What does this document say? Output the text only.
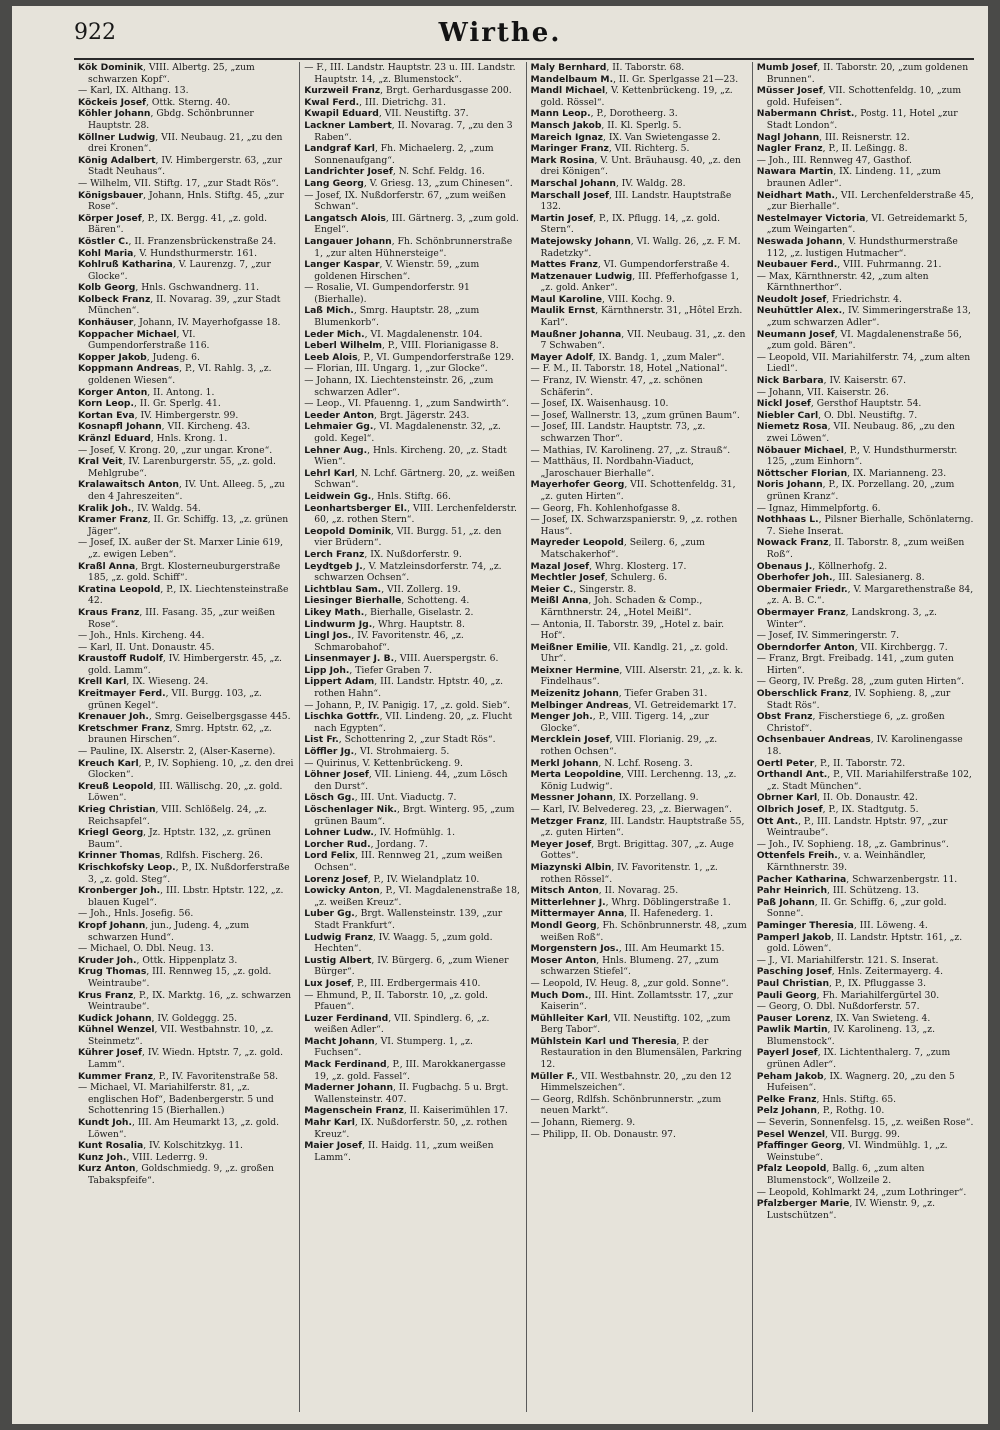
922	Wirthe.
Kök Dominik, VIII. Albertg. 25, „zum schwarzen Kopf“.
— Karl, IX. Althang. 13.
Köckeis Josef, Ottk. Sterng. 40.
Köhler Johann, Gbdg. Schönbrunner Hauptstr. 28.
Köllner Ludwig, VII. Neubaug. 21, „zu den drei Kronen“.
König Adalbert, IV. Himbergerstr. 63, „zur Stadt Neuhaus“.
— Wilhelm, VII. Stiftg. 17, „zur Stadt Rös“.
Königsbauer, Johann, Hnls. Stiftg. 45, „zur Rose“.
Körper Josef, P., IX. Bergg. 41, „z. gold. Bären“.
Köstler C., II. Franzensbrückenstraße 24.
Kohl Maria, V. Hundsthurmerstr. 161.
Kohlruß Katharina, V. Laurenzg. 7, „zur Glocke“.
Kolb Georg, Hnls. Gschwandnerg. 11.
Kolbeck Franz, II. Novarag. 39, „zur Stadt München“.
Konhäuser, Johann, IV. Mayerhofgasse 18.
Koppacher Michael, VI. Gumpendorferstraße 116.
Kopper Jakob, Judeng. 6.
Koppmann Andreas, P., VI. Rahlg. 3, „z. goldenen Wiesen“.
Korger Anton, II. Antong. 1.
Korn Leop., II. Gr. Sperlg. 41.
Kortan Eva, IV. Himbergerstr. 99.
Kosnapfl Johann, VII. Kircheng. 43.
Kränzl Eduard, Hnls. Krong. 1.
— Josef, V. Krong. 20, „zur ungar. Krone“.
Kral Veit, IV. Larenburgerstr. 55, „z. gold. Mehlgrube“.
Kralawaitsch Anton, IV. Unt. Alleeg. 5, „zu den 4 Jahreszeiten“.
Kralik Joh., IV. Waldg. 54.
Kramer Franz, II. Gr. Schiffg. 13, „z. grünen Jäger“.
— Josef, IX. außer der St. Marxer Linie 619, „z. ewigen Leben“.
Kraßl Anna, Brgt. Klosterneuburgerstraße 185, „z. gold. Schiff“.
Kratina Leopold, P., IX. Liechtensteinstraße 42.
Kraus Franz, III. Fasang. 35, „zur weißen Rose“.
— Joh., Hnls. Kircheng. 44.
— Karl, II. Unt. Donaustr. 45.
Kraustoff Rudolf, IV. Himbergerstr. 45, „z. gold. Lamm“.
Krell Karl, IX. Wieseng. 24.
Kreitmayer Ferd., VII. Burgg. 103, „z. grünen Kegel“.
Krenauer Joh., Smrg. Geiselbergsgasse 445.
Kretschmer Franz, Smrg. Hptstr. 62, „z. braunen Hirschen“.
— Pauline, IX. Alserstr. 2, (Alser-Kaserne).
Kreuch Karl, P., IV. Sophieng. 10, „z. den drei Glocken“.
Kreuß Leopold, III. Wällischg. 20, „z. gold. Löwen“.
Krieg Christian, VIII. Schlößelg. 24, „z. Reichsapfel“.
Kriegl Georg, Jz. Hptstr. 132, „z. grünen Baum“.
Krinner Thomas, Rdlfsh. Fischerg. 26.
Krischkofsky Leop., P., IX. Nußdorferstraße 3, „z. gold. Steg“.
Kronberger Joh., III. Lbstr. Hptstr. 122, „z. blauen Kugel“.
— Joh., Hnls. Josefig. 56.
Kropf Johann, jun., Judeng. 4, „zum schwarzen Hund“.
— Michael, O. Dbl. Neug. 13.
Kruder Joh., Ottk. Hippenplatz 3.
Krug Thomas, III. Rennweg 15, „z. gold. Weintraube“.
Krus Franz, P., IX. Marktg. 16, „z. schwarzen Weintraube“.
Kudick Johann, IV. Goldeggg. 25.
Kühnel Wenzel, VII. Westbahnstr. 10, „z. Steinmetz“.
Kührer Josef, IV. Wiedn. Hptstr. 7, „z. gold. Lamm“.
Kummer Franz, P., IV. Favoritenstraße 58.
— Michael, VI. Mariahilferstr. 81, „z. englischen Hof“, Badenbergerstr. 5 und Schottenring 15 (Bierhallen.)
Kundt Joh., III. Am Heumarkt 13, „z. gold. Löwen“.
Kunt Rosalia, IV. Kolschitzkyg. 11.
Kunz Joh., VIII. Lederrg. 9.
Kurz Anton, Goldschmiedg. 9, „z. großen Tabakspfeife“.
— F., III. Landstr. Hauptstr. 23 u. III. Landstr. Hauptstr. 14, „z. Blumenstock“.
Kurzweil Franz, Brgt. Gerhardusgasse 200.
Kwal Ferd., III. Dietrichg. 31.
Kwapil Eduard, VII. Neustiftg. 37.
Lackner Lambert, II. Novarag. 7, „zu den 3 Raben“.
Landgraf Karl, Fh. Michaelerg. 2, „zum Sonnenaufgang“.
Landrichter Josef, N. Schf. Feldg. 16.
Lang Georg, V. Griesg. 13, „zum Chinesen“.
— Josef, IX. Nußdorferstr. 67, „zum weißen Schwan“.
Langatsch Alois, III. Gärtnerg. 3, „zum gold. Engel“.
Langauer Johann, Fh. Schönbrunnerstraße 1, „zur alten Hühnersteige“.
Langer Kaspar, V. Wienstr. 59, „zum goldenen Hirschen“.
— Rosalie, VI. Gumpendorferstr. 91 (Bierhalle).
Laß Mich., Smrg. Hauptstr. 28, „zum Blumenkorb“.
Leder Mich., VI. Magdalenenstr. 104.
Leberl Wilhelm, P., VIII. Florianigasse 8.
Leeb Alois, P., VI. Gumpendorferstraße 129.
— Florian, III. Ungarg. 1, „zur Glocke“.
— Johann, IX. Liechtensteinstr. 26, „zum schwarzen Adler“.
— Leop., VI. Pfauenng. 1, „zum Sandwirth“.
Leeder Anton, Brgt. Jägerstr. 243.
Lehmaier Gg., VI. Magdalenenstr. 32, „z. gold. Kegel“.
Lehner Aug., Hnls. Kircheng. 20, „z. Stadt Wien“.
Lehrl Karl, N. Lchf. Gärtnerg. 20, „z. weißen Schwan“.
Leidwein Gg., Hnls. Stiftg. 66.
Leonhartsberger El., VIII. Lerchenfelderstr. 60, „z. rothen Stern“.
Leopold Dominik, VII. Burgg. 51, „z. den vier Brüdern“.
Lerch Franz, IX. Nußdorferstr. 9.
Leydtgeb J., V. Matzleinsdorferstr. 74, „z. schwarzen Ochsen“.
Lichtblau Sam., VII. Zollerg. 19.
Liesinger Bierhalle, Schotteng. 4.
Likey Math., Bierhalle, Giselastr. 2.
Lindwurm Jg., Whrg. Hauptstr. 8.
Lingl Jos., IV. Favoritenstr. 46, „z. Schmarobahof“.
Linsenmayer J. B., VIII. Auerspergstr. 6.
Lipp Joh., Tiefer Graben 7.
Lippert Adam, III. Landstr. Hptstr. 40, „z. rothen Hahn“.
— Johann, P., IV. Panigig. 17, „z. gold. Sieb“.
Lischka Gottfr., VII. Lindeng. 20, „z. Flucht nach Egypten“.
List Fr., Schottenring 2, „zur Stadt Rös“.
Löffler Jg., VI. Strohmaierg. 5.
— Quirinus, V. Kettenbrückeng. 9.
Löhner Josef, VII. Linieng. 44, „zum Lösch den Durst“.
Lösch Gg., III. Unt. Viaductg. 7.
Löschenlager Nik., Brgt. Winterg. 95, „zum grünen Baum“.
Lohner Ludw., IV. Hofmühlg. 1.
Lorcher Rud., Jordang. 7.
Lord Felix, III. Rennweg 21, „zum weißen Ochsen“.
Lorenz Josef, P., IV. Wielandplatz 10.
Lowicky Anton, P., VI. Magdalenenstraße 18, „z. weißen Kreuz“.
Luber Gg., Brgt. Wallensteinstr. 139, „zur Stadt Frankfurt“.
Ludwig Franz, IV. Waagg. 5, „zum gold. Hechten“.
Lustig Albert, IV. Bürgerg. 6, „zum Wiener Bürger“.
Lux Josef, P., III. Erdbergermais 410.
— Ehmund, P., II. Taborstr. 10, „z. gold. Pfauen“.
Luzer Ferdinand, VII. Spindlerg. 6, „z. weißen Adler“.
Macht Johann, VI. Stumperg. 1, „z. Fuchsen“.
Mack Ferdinand, P., III. Marokkanergasse 19, „z. gold. Fassel“.
Maderner Johann, II. Fugbachg. 5 u. Brgt. Wallensteinstr. 407.
Magenschein Franz, II. Kaiserimühlen 17.
Mahr Karl, IX. Nußdorferstr. 50, „z. rothen Kreuz“.
Maier Josef, II. Haidg. 11, „zum weißen Lamm“.
Maly Bernhard, II. Taborstr. 68.
Mandelbaum M., II. Gr. Sperlgasse 21—23.
Mandl Michael, V. Kettenbrückeng. 19, „z. gold. Rössel“.
Mann Leop., P., Dorotheerg. 3.
Mansch Jakob, II. Kl. Sperlg. 5.
Mareich Ignaz, IX. Van Swietengasse 2.
Maringer Franz, VII. Richterg. 5.
Mark Rosina, V. Unt. Bräuhausg. 40, „z. den drei Königen“.
Marschal Johann, IV. Waldg. 28.
Marschall Josef, III. Landstr. Hauptstraße 132.
Martin Josef, P., IX. Pflugg. 14, „z. gold. Stern“.
Matejowsky Johann, VI. Wallg. 26, „z. F. M. Radetzky“.
Mattes Franz, VI. Gumpendorferstraße 4.
Matzenauer Ludwig, III. Pfefferhofgasse 1, „z. gold. Anker“.
Maul Karoline, VIII. Kochg. 9.
Maulik Ernst, Kärnthnerstr. 31, „Hôtel Erzh. Karl“.
Maußner Johanna, VII. Neubaug. 31, „z. den 7 Schwaben“.
Mayer Adolf, IX. Bandg. 1, „zum Maler“.
— F. M., II. Taborstr. 18, Hotel „National“.
— Franz, IV. Wienstr. 47, „z. schönen Schäferin“.
— Josef, IX. Waisenhausg. 10.
— Josef, Wallnerstr. 13, „zum grünen Baum“.
— Josef, III. Landstr. Hauptstr. 73, „z. schwarzen Thor“.
— Mathias, IV. Karolineng. 27, „z. Strauß“.
— Matthäus, II. Nordbahn-Viaduct, „Jaroschauer Bierhalle“.
Mayerhofer Georg, VII. Schottenfeldg. 31, „z. guten Hirten“.
— Georg, Fh. Kohlenhofgasse 8.
— Josef, IX. Schwarzspanierstr. 9, „z. rothen Haus“.
Mayreder Leopold, Seilerg. 6, „zum Matschakerhof“.
Mazal Josef, Whrg. Klosterg. 17.
Mechtler Josef, Schulerg. 6.
Meier C., Singerstr. 8.
Meißl Anna, Joh. Schaden & Comp., Kärnthnerstr. 24, „Hotel Meißl“.
— Antonia, II. Taborstr. 39, „Hotel z. bair. Hof“.
Meißner Emilie, VII. Kandlg. 21, „z. gold. Uhr“.
Meixner Hermine, VIII. Alserstr. 21, „z. k. k. Findelhaus“.
Meizenitz Johann, Tiefer Graben 31.
Melbinger Andreas, VI. Getreidemarkt 17.
Menger Joh., P., VIII. Tigerg. 14, „zur Glocke“.
Mercklein Josef, VIII. Florianig. 29, „z. rothen Ochsen“.
Merkl Johann, N. Lchf. Roseng. 3.
Merta Leopoldine, VIII. Lerchenng. 13, „z. König Ludwig“.
Messner Johann, IX. Porzellang. 9.
— Karl, IV. Belvedereg. 23, „z. Bierwagen“.
Metzger Franz, III. Landstr. Hauptstraße 55, „z. guten Hirten“.
Meyer Josef, Brgt. Brigittag. 307, „z. Auge Gottes“.
Miazynski Albin, IV. Favoritenstr. 1, „z. rothen Rössel“.
Mitsch Anton, II. Novarag. 25.
Mitterlehner J., Whrg. Döblingerstraße 1.
Mittermayer Anna, II. Hafenederg. 1.
Mondl Georg, Fh. Schönbrunnerstr. 48, „zum weißen Roß“.
Morgenstern Jos., III. Am Heumarkt 15.
Moser Anton, Hnls. Blumeng. 27, „zum schwarzen Stiefel“.
— Leopold, IV. Heug. 8, „zur gold. Sonne“.
Much Dom., III. Hint. Zollamtsstr. 17, „zur Kaiserin“.
Mühlleiter Karl, VII. Neustiftg. 102, „zum Berg Tabor“.
Mühlstein Karl und Theresia, P. der Restauration in den Blumensälen, Parkring 12.
Müller F., VII. Westbahnstr. 20, „zu den 12 Himmelszeichen“.
— Georg, Rdlfsh. Schönbrunnerstr. „zum neuen Markt“.
— Johann, Riemerg. 9.
— Philipp, II. Ob. Donaustr. 97.
Mumb Josef, II. Taborstr. 20, „zum goldenen Brunnen“.
Müsser Josef, VII. Schottenfeldg. 10, „zum gold. Hufeisen“.
Nabermann Christ., Postg. 11, Hotel „zur Stadt London“.
Nagl Johann, III. Reisnerstr. 12.
Nagler Franz, P., II. Leßingg. 8.
— Joh., III. Rennweg 47, Gasthof.
Nawara Martin, IX. Lindeng. 11, „zum braunen Adler“.
Neidhart Math., VII. Lerchenfelderstraße 45, „zur Bierhalle“.
Nestelmayer Victoria, VI. Getreidemarkt 5, „zum Weingarten“.
Neswada Johann, V. Hundsthurmerstraße 112, „z. lustigen Hutmacher“.
Neubauer Ferd., VIII. Fuhrmanng. 21.
— Max, Kärnthnerstr. 42, „zum alten Kärnthnerthor“.
Neudolt Josef, Friedrichstr. 4.
Neuhüttler Alex., IV. Simmeringerstraße 13, „zum schwarzen Adler“.
Neumann Josef, VI. Magdalenenstraße 56, „zum gold. Bären“.
— Leopold, VII. Mariahilferstr. 74, „zum alten Liedl“.
Nick Barbara, IV. Kaiserstr. 67.
— Johann, VII. Kaiserstr. 26.
Nickl Josef, Gersthof Hauptstr. 54.
Niebler Carl, O. Dbl. Neustiftg. 7.
Niemetz Rosa, VII. Neubaug. 86, „zu den zwei Löwen“.
Nöbauer Michael, P., V. Hundsthurmerstr. 125, „zum Einhorn“.
Nöttscher Florian, IX. Marianneng. 23.
Noris Johann, P., IX. Porzellang. 20, „zum grünen Kranz“.
— Ignaz, Himmelpfortg. 6.
Nothhaas L., Pilsner Bierhalle, Schönlaterng. 7. Siehe Inserat.
Nowack Franz, II. Taborstr. 8, „zum weißen Roß“.
Obenaus J., Köllnerhofg. 2.
Oberhofer Joh., III. Salesianerg. 8.
Obermaier Friedr., V. Margarethenstraße 84, „z. A. B. C.“.
Obermayer Franz, Landskrong. 3, „z. Winter“.
— Josef, IV. Simmeringerstr. 7.
Oberndorfer Anton, VII. Kirchbergg. 7.
— Franz, Brgt. Freibadg. 141, „zum guten Hirten“.
— Georg, IV. Preßg. 28, „zum guten Hirten“.
Oberschlick Franz, IV. Sophieng. 8, „zur Stadt Rös“.
Obst Franz, Fischerstiege 6, „z. großen Christof“.
Ochsenbauer Andreas, IV. Karolinengasse 18.
Oertl Peter, P., II. Taborstr. 72.
Orthandl Ant., P., VII. Mariahilferstraße 102, „z. Stadt München“.
Obrner Karl, II. Ob. Donaustr. 42.
Olbrich Josef, P., IX. Stadtgutg. 5.
Ott Ant., P., III. Landstr. Hptstr. 97, „zur Weintraube“.
— Joh., IV. Sophieng. 18, „z. Gambrinus“.
Ottenfels Freih., v. a. Weinhändler, Kärnthnerstr. 39.
Pacher Katharina, Schwarzenbergstr. 11.
Pahr Heinrich, III. Schützeng. 13.
Paß Johann, II. Gr. Schiffg. 6, „zur gold. Sonne“.
Paminger Theresia, III. Löweng. 4.
Pamperl Jakob, II. Landstr. Hptstr. 161, „z. gold. Löwen“.
— J., VI. Mariahilferstr. 121. S. Inserat.
Pasching Josef, Hnls. Zeitermayerg. 4.
Paul Christian, P., IX. Pfluggasse 3.
Pauli Georg, Fh. Mariahilfergürtel 30.
— Georg, O. Dbl. Nußdorferstr. 57.
Pauser Lorenz, IX. Van Swieteng. 4.
Pawlik Martin, IV. Karolineng. 13, „z. Blumenstock“.
Payerl Josef, IX. Lichtenthalerg. 7, „zum grünen Adler“.
Peham Jakob, IX. Wagnerg. 20, „zu den 5 Hufeisen“.
Pelke Franz, Hnls. Stiftg. 65.
Pelz Johann, P., Rothg. 10.
— Severin, Sonnenfelsg. 15, „z. weißen Rose“.
Pesel Wenzel, VII. Burgg. 99.
Pfaffinger Georg, VI. Windmühlg. 1, „z. Weinstube“.
Pfalz Leopold, Ballg. 6, „zum alten Blumenstock“, Wollzeile 2.
— Leopold, Kohlmarkt 24, „zum Lothringer“.
Pfalzberger Marie, IV. Wienstr. 9, „z. Lustschützen“.
